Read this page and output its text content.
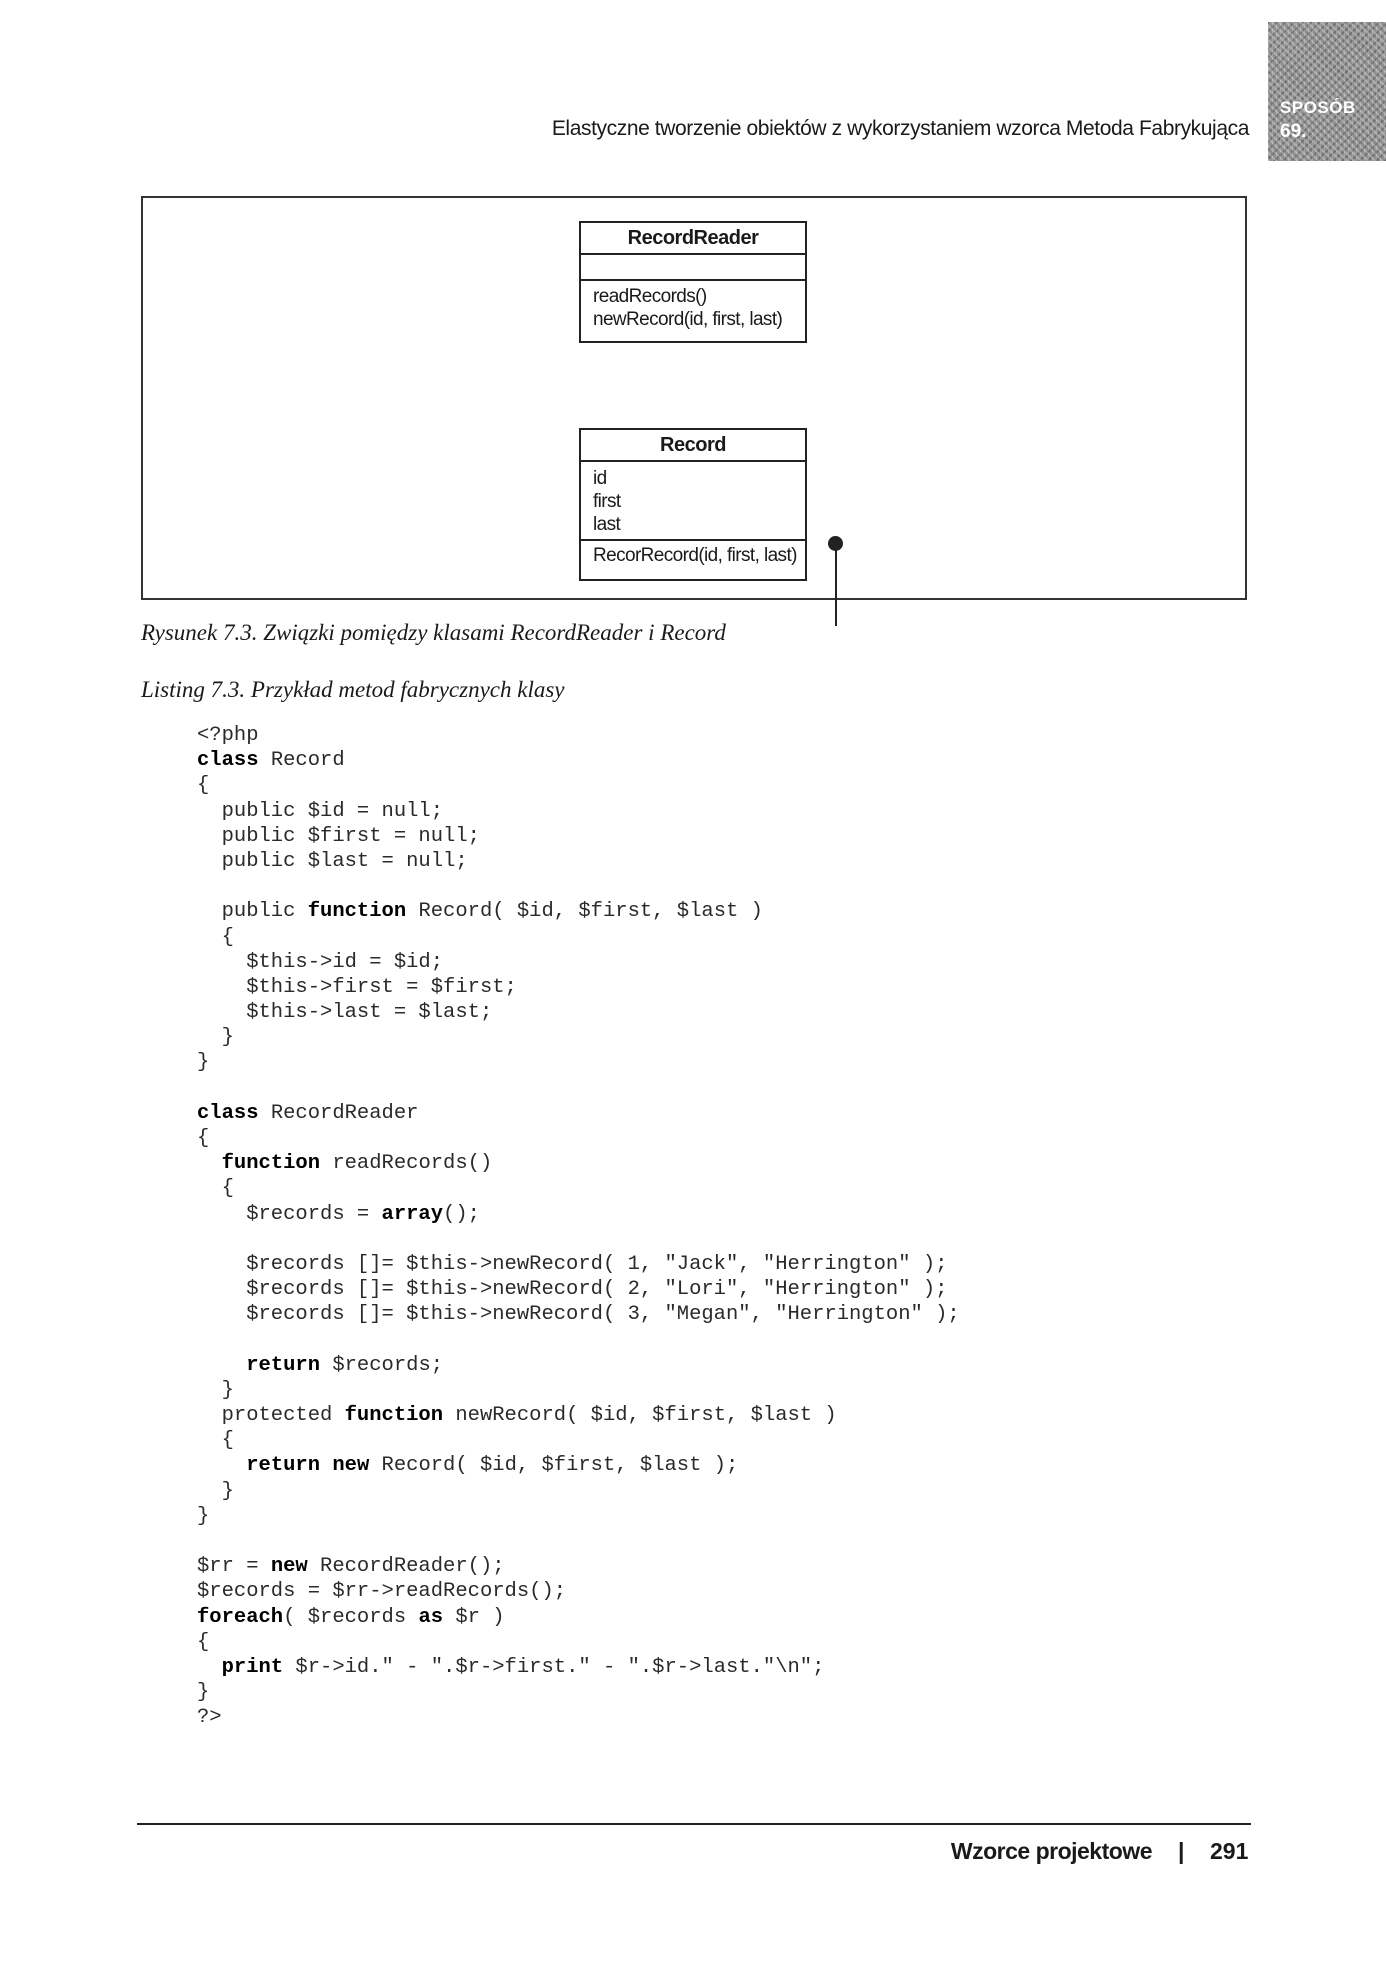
SPOSÓB
69.
Elastyczne tworzenie obiektów z wykorzystaniem wzorca Metoda Fabrykująca
RecordReader
readRecords()
newRecord(id, first, last)
Record
id
first
last
RecorRecord(id, first, last)
Rysunek 7.3. Związki pomiędzy klasami RecordReader i Record
Listing 7.3. Przykład metod fabrycznych klasy
<?php
class Record
{
public $id = null;
public $first = null;
public $last = null;
public function Record( $id, $first, $last )
{
$this->id = $id;
$this->first = $first;
$this->last = $last;
}
}
class RecordReader
{
function readRecords()
{
$records = array();
$records []= $this->newRecord( 1, "Jack", "Herrington" );
$records []= $this->newRecord( 2, "Lori", "Herrington" );
$records []= $this->newRecord( 3, "Megan", "Herrington" );
return $records;
}
protected function newRecord( $id, $first, $last )
{
return new Record( $id, $first, $last );
}
}
$rr = new RecordReader();
$records = $rr->readRecords();
foreach( $records as $r )
{
print $r->id." - ".$r->first." - ".$r->last."\n";
}
?>
Wzorce projektowe | 291
